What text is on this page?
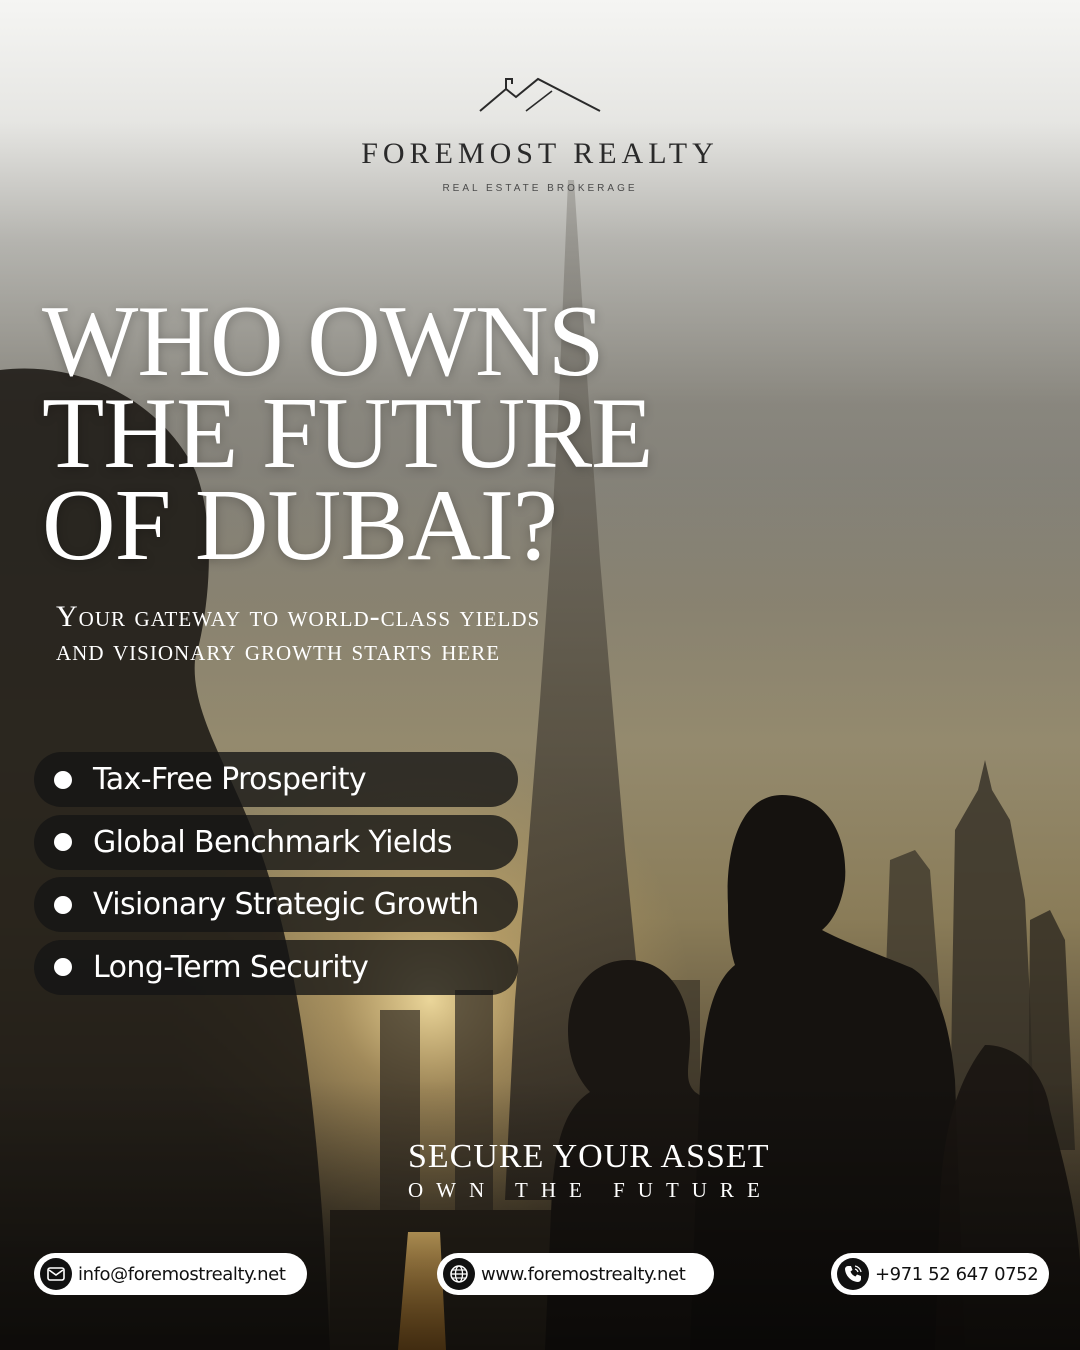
FOREMOST REALTY
REAL ESTATE BROKERAGE
WHO OWNS
THE FUTURE
OF DUBAI?

Your gateway to world-class yields
and visionary growth starts here

Tax-Free Prosperity
Global Benchmark Yields
Visionary Strategic Growth
Long-Term Security
SECURE YOUR ASSET
OWN THE FUTURE
info@foremostrealty.net	www.foremostrealty.net	+971 52 647 0752
